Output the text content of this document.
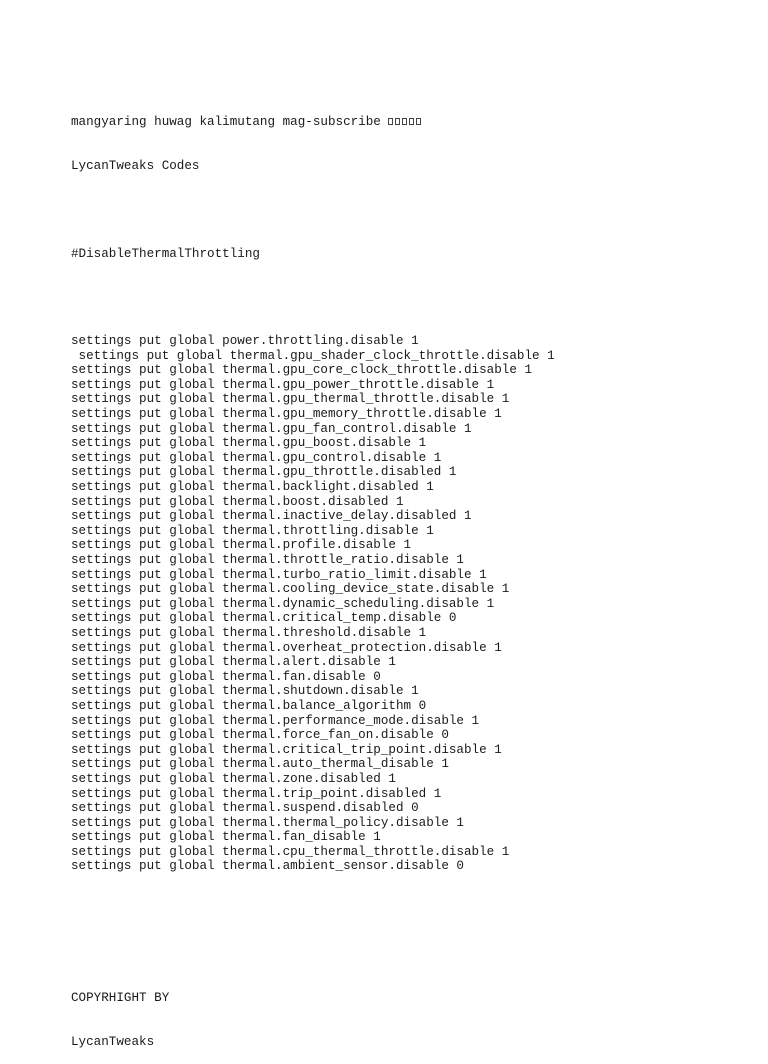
mangyaring huwag kalimutang mag-subscribe

LycanTweaks Codes

#DisableThermalThrottling

settings put global power.throttling.disable 1
settings put global thermal.gpu_shader_clock_throttle.disable 1
settings put global thermal.gpu_core_clock_throttle.disable 1
settings put global thermal.gpu_power_throttle.disable 1
settings put global thermal.gpu_thermal_throttle.disable 1
settings put global thermal.gpu_memory_throttle.disable 1
settings put global thermal.gpu_fan_control.disable 1
settings put global thermal.gpu_boost.disable 1
settings put global thermal.gpu_control.disable 1
settings put global thermal.gpu_throttle.disabled 1
settings put global thermal.backlight.disabled 1
settings put global thermal.boost.disabled 1
settings put global thermal.inactive_delay.disabled 1
settings put global thermal.throttling.disable 1
settings put global thermal.profile.disable 1
settings put global thermal.throttle_ratio.disable 1
settings put global thermal.turbo_ratio_limit.disable 1
settings put global thermal.cooling_device_state.disable 1
settings put global thermal.dynamic_scheduling.disable 1
settings put global thermal.critical_temp.disable 0
settings put global thermal.threshold.disable 1
settings put global thermal.overheat_protection.disable 1
settings put global thermal.alert.disable 1
settings put global thermal.fan.disable 0
settings put global thermal.shutdown.disable 1
settings put global thermal.balance_algorithm 0
settings put global thermal.performance_mode.disable 1
settings put global thermal.force_fan_on.disable 0
settings put global thermal.critical_trip_point.disable 1
settings put global thermal.auto_thermal_disable 1
settings put global thermal.zone.disabled 1
settings put global thermal.trip_point.disabled 1
settings put global thermal.suspend.disabled 0
settings put global thermal.thermal_policy.disable 1
settings put global thermal.fan_disable 1
settings put global thermal.cpu_thermal_throttle.disable 1
settings put global thermal.ambient_sensor.disable 0

COPYRHIGHT BY

LycanTweaks
